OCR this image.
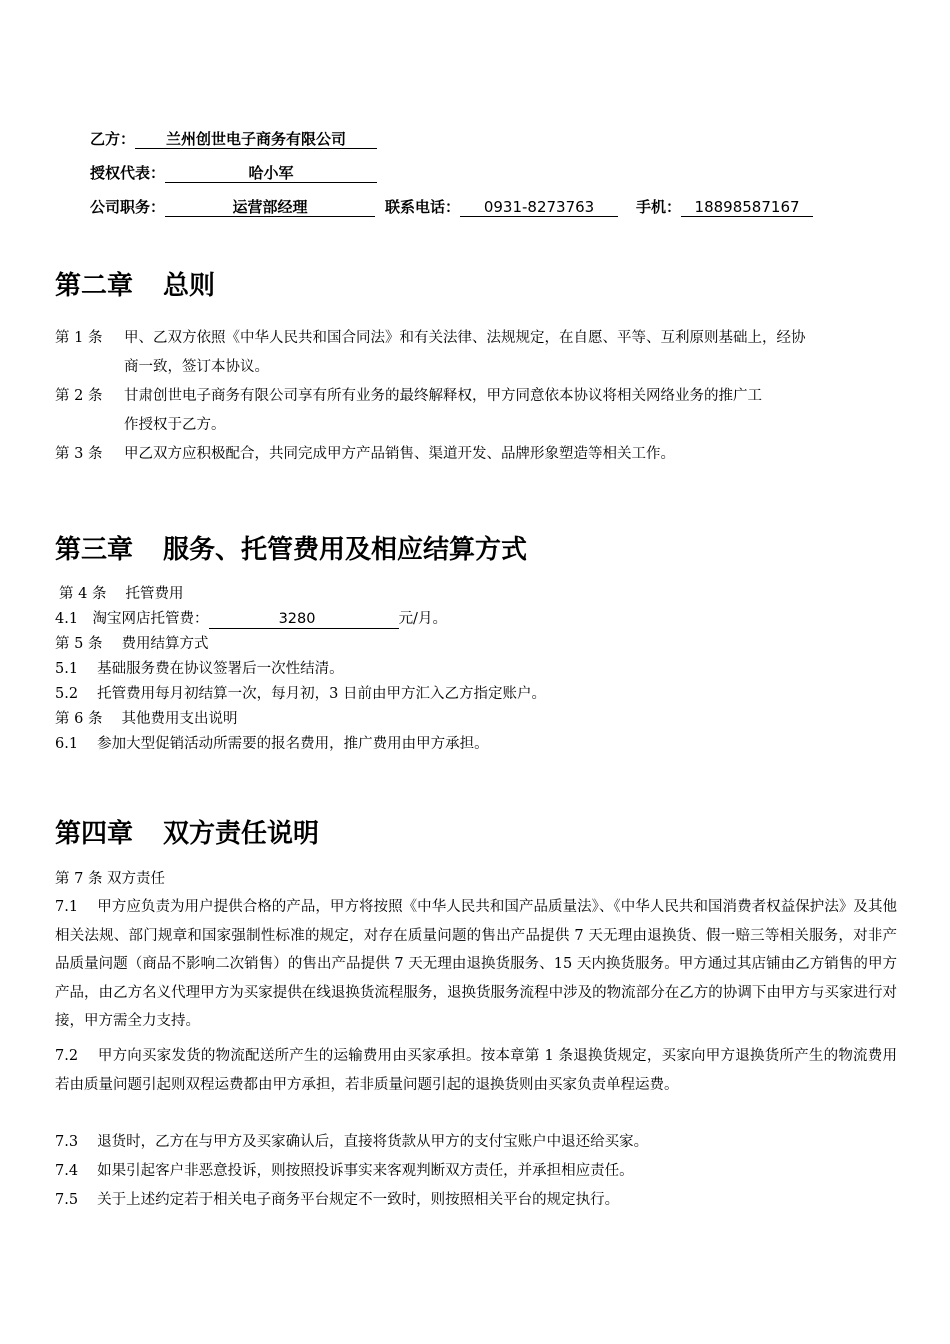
乙方： 兰州创世电子商务有限公司
授权代表：	哈小军
公司职务：	运营部经理	联系电话： 0931-8273763	手机： 18898587167
第二章 总则
第 1 条 甲、乙双方依照《中华人民共和国合同法》和有关法律、法规规定，在自愿、平等、互利原则基础上，经协
商一致，签订本协议。
第 2 条 甘肃创世电子商务有限公司享有所有业务的最终解释权，甲方同意依本协议将相关网络业务的推广工
作授权于乙方。
第 3 条 甲乙双方应积极配合，共同完成甲方产品销售、渠道开发、品牌形象塑造等相关工作。
第三章 服务、托管费用及相应结算方式
第 4 条　 托管费用
4.1　淘宝网店托管费：	3280	元/月。
第 5 条　 费用结算方式
5.1　 基础服务费在协议签署后一次性结清。
5.2　 托管费用每月初结算一次，每月初，3 日前由甲方汇入乙方指定账户。
第 6 条　 其他费用支出说明
6.1　 参加大型促销活动所需要的报名费用，推广费用由甲方承担。
第四章 双方责任说明
第 7 条 双方责任
7.1　 甲方应负责为用户提供合格的产品，甲方将按照《中华人民共和国产品质量法》、《中华人民共和国消费者权益保护法》及其他相关法规、部门规章和国家强制性标准的规定，对存在质量问题的售出产品提供 7 天无理由退换货、假一赔三等相关服务，对非产品质量问题（商品不影响二次销售）的售出产品提供 7 天无理由退换货服务、15 天内换货服务。甲方通过其店铺由乙方销售的甲方产品，由乙方名义代理甲方为买家提供在线退换货流程服务，退换货服务流程中涉及的物流部分在乙方的协调下由甲方与买家进行对接，甲方需全力支持。
7.2　 甲方向买家发货的物流配送所产生的运输费用由买家承担。按本章第 1 条退换货规定，买家向甲方退换货所产生的物流费用若由质量问题引起则双程运费都由甲方承担，若非质量问题引起的退换货则由买家负责单程运费。
7.3　 退货时，乙方在与甲方及买家确认后，直接将货款从甲方的支付宝账户中退还给买家。
7.4　 如果引起客户非恶意投诉，则按照投诉事实来客观判断双方责任，并承担相应责任。
7.5　 关于上述约定若于相关电子商务平台规定不一致时，则按照相关平台的规定执行。
